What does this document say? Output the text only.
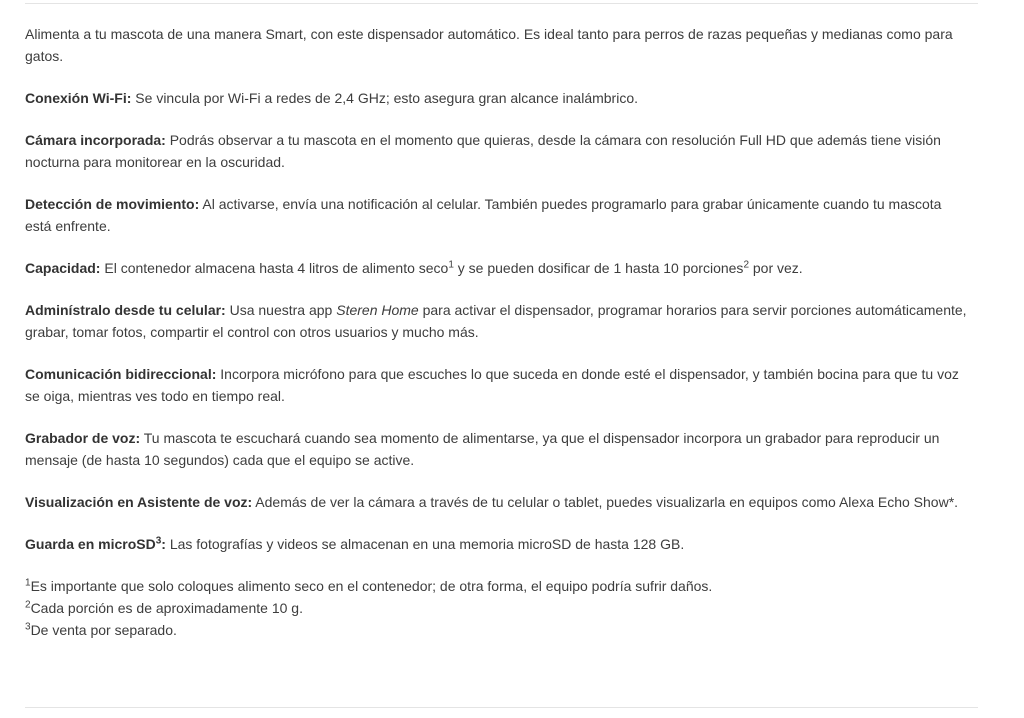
Alimenta a tu mascota de una manera Smart, con este dispensador automático. Es ideal tanto para perros de razas pequeñas y medianas como para gatos.

Conexión Wi-Fi: Se vincula por Wi-Fi a redes de 2,4 GHz; esto asegura gran alcance inalámbrico.

Cámara incorporada: Podrás observar a tu mascota en el momento que quieras, desde la cámara con resolución Full HD que además tiene visión nocturna para monitorear en la oscuridad.

Detección de movimiento: Al activarse, envía una notificación al celular. También puedes programarlo para grabar únicamente cuando tu mascota está enfrente.

Capacidad: El contenedor almacena hasta 4 litros de alimento seco$^1$ y se pueden dosificar de 1 hasta 10 porciones$^2$ por vez.

Adminístralo desde tu celular: Usa nuestra app Steren Home para activar el dispensador, programar horarios para servir porciones automáticamente, grabar, tomar fotos, compartir el control con otros usuarios y mucho más.

Comunicación bidireccional: Incorpora micrófono para que escuches lo que suceda en donde esté el dispensador, y también bocina para que tu voz se oiga, mientras ves todo en tiempo real.

Grabador de voz: Tu mascota te escuchará cuando sea momento de alimentarse, ya que el dispensador incorpora un grabador para reproducir un mensaje (de hasta 10 segundos) cada que el equipo se active.

Visualización en Asistente de voz: Además de ver la cámara a través de tu celular o tablet, puedes visualizarla en equipos como Alexa Echo Show*.

Guarda en microSD$^3$: Las fotografías y videos se almacenan en una memoria microSD de hasta 128 GB.

$^1$Es importante que solo coloques alimento seco en el contenedor; de otra forma, el equipo podría sufrir daños.

$^2$Cada porción es de aproximadamente 10 g.

$^3$De venta por separado.
